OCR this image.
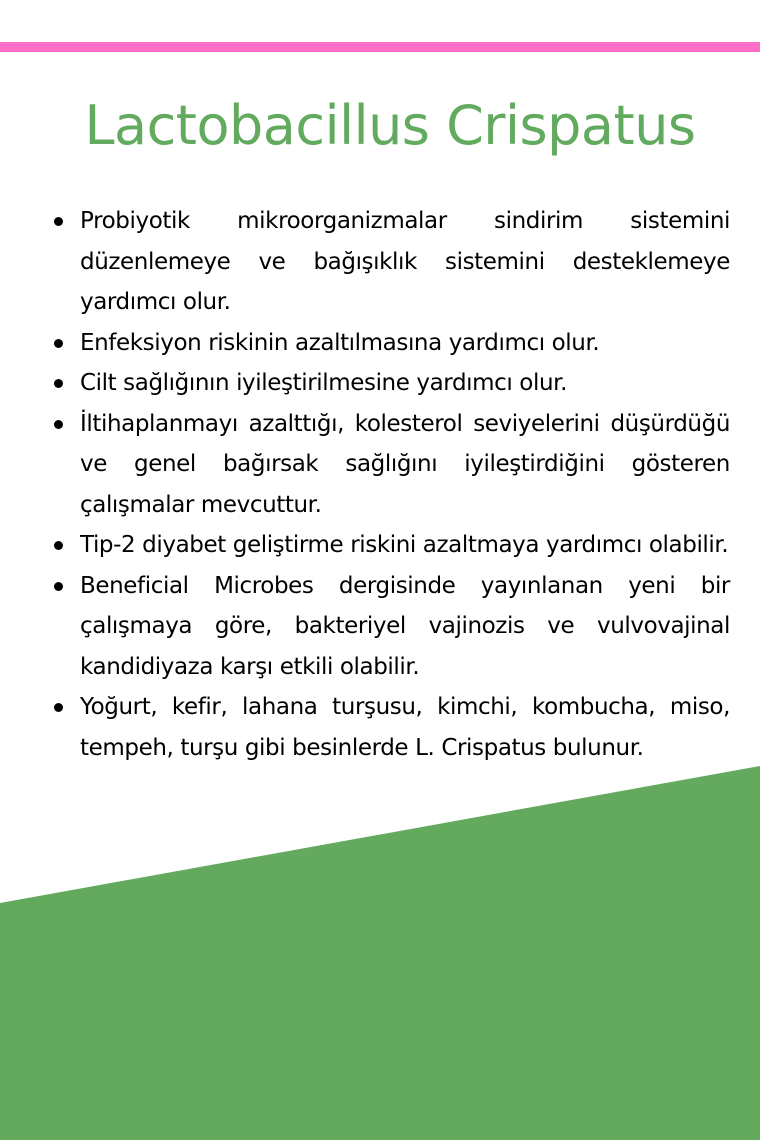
Lactobacillus Crispatus
Probiyotik mikroorganizmalar sindirim sistemini düzenlemeye ve bağışıklık sistemini desteklemeye yardımcı olur.
Enfeksiyon riskinin azaltılmasına yardımcı olur.
Cilt sağlığının iyileştirilmesine yardımcı olur.
İltihaplanmayı azalttığı, kolesterol seviyelerini düşürdüğü ve genel bağırsak sağlığını iyileştirdiğini gösteren çalışmalar mevcuttur.
Tip-2 diyabet geliştirme riskini azaltmaya yardımcı olabilir.
Beneficial Microbes dergisinde yayınlanan yeni bir çalışmaya göre, bakteriyel vajinozis ve vulvovajinal kandidiyaza karşı etkili olabilir.
Yoğurt, kefir, lahana turşusu, kimchi, kombucha, miso, tempeh, turşu gibi besinlerde L. Crispatus bulunur.
